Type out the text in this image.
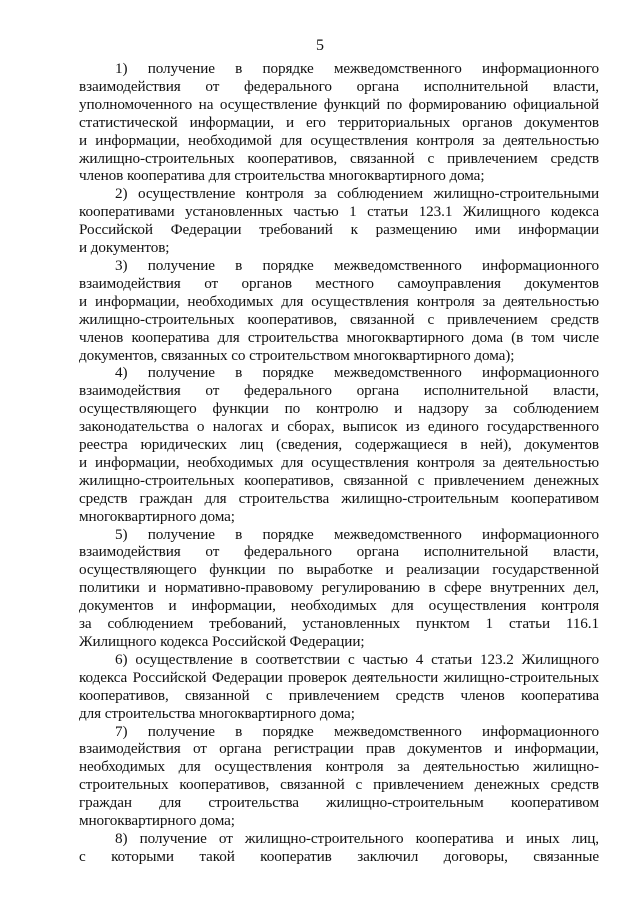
5
1) получение в порядке межведомственного информационного
взаимодействия от федерального органа исполнительной власти,
уполномоченного на осуществление функций по формированию официальной
статистической информации, и его территориальных органов документов
и информации, необходимой для осуществления контроля за деятельностью
жилищно-строительных кооперативов, связанной с привлечением средств
членов кооператива для строительства многоквартирного дома;
2) осуществление контроля за соблюдением жилищно-строительными
кооперативами установленных частью 1 статьи 123.1 Жилищного кодекса
Российской Федерации требований к размещению ими информации
и документов;
3) получение в порядке межведомственного информационного
взаимодействия от органов местного самоуправления документов
и информации, необходимых для осуществления контроля за деятельностью
жилищно-строительных кооперативов, связанной с привлечением средств
членов кооператива для строительства многоквартирного дома (в том числе
документов, связанных со строительством многоквартирного дома);
4) получение в порядке межведомственного информационного
взаимодействия от федерального органа исполнительной власти,
осуществляющего функции по контролю и надзору за соблюдением
законодательства о налогах и сборах, выписок из единого государственного
реестра юридических лиц (сведения, содержащиеся в ней), документов
и информации, необходимых для осуществления контроля за деятельностью
жилищно-строительных кооперативов, связанной с привлечением денежных
средств граждан для строительства жилищно-строительным кооперативом
многоквартирного дома;
5) получение в порядке межведомственного информационного
взаимодействия от федерального органа исполнительной власти,
осуществляющего функции по выработке и реализации государственной
политики и нормативно-правовому регулированию в сфере внутренних дел,
документов и информации, необходимых для осуществления контроля
за соблюдением требований, установленных пунктом 1 статьи 116.1
Жилищного кодекса Российской Федерации;
6) осуществление в соответствии с частью 4 статьи 123.2 Жилищного
кодекса Российской Федерации проверок деятельности жилищно-строительных
кооперативов, связанной с привлечением средств членов кооператива
для строительства многоквартирного дома;
7) получение в порядке межведомственного информационного
взаимодействия от органа регистрации прав документов и информации,
необходимых для осуществления контроля за деятельностью жилищно-
строительных кооперативов, связанной с привлечением денежных средств
граждан для строительства жилищно-строительным кооперативом
многоквартирного дома;
8) получение от жилищно-строительного кооператива и иных лиц,
с которыми такой кооператив заключил договоры, связанные
